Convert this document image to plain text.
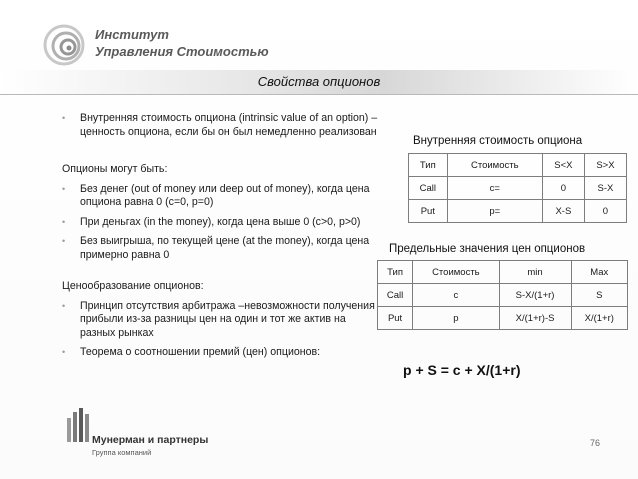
Институт
Управления Стоимостью
Свойства опционов
• Внутренняя стоимость опциона (intrinsic value of an option) – ценность опциона, если бы он был немедленно реализован
Опционы могут быть:
• Без денег (out of money или deep out of money), когда цена опциона равна 0 (с=0, р=0)
• При деньгах (in the money), когда цена выше 0 (с>0, р>0)
• Без выигрыша, по текущей цене (at the money), когда цена примерно равна 0
Ценообразование опционов:
• Принцип отсутствия арбитража –невозможности получения прибыли из-за разницы цен на один и тот же актив на разных рынках
• Теорема о соотношении премий (цен) опционов:
Внутренняя стоимость опциона
Тип	Стоимость	S<X	S>X
Call	c=	0	S-X
Put	p=	X-S	0
Предельные значения цен опционов
Тип	Стоимость	min	Max
Call	c	S-X/(1+r)	S
Put	p	X/(1+r)-S	X/(1+r)
p + S = c + X/(1+r)
Мунерман и партнеры
Группа компаний
76
